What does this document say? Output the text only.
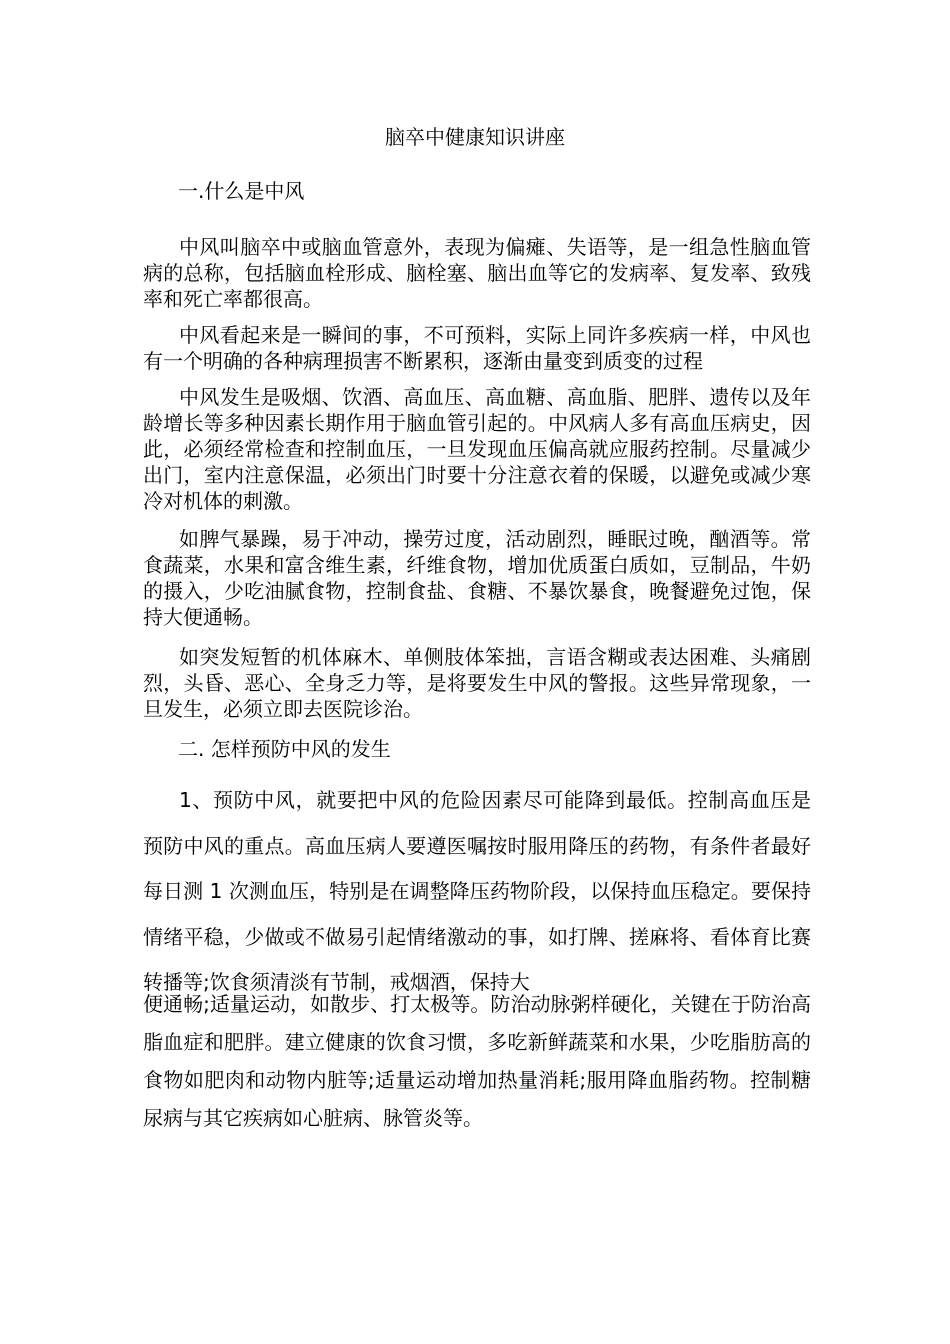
脑卒中健康知识讲座
一.什么是中风

中风叫脑卒中或脑血管意外，表现为偏瘫、失语等，是一组急性脑血管病的总称，包括脑血栓形成、脑栓塞、脑出血等它的发病率、复发率、致残率和死亡率都很高。

中风看起来是一瞬间的事，不可预料，实际上同许多疾病一样，中风也有一个明确的各种病理损害不断累积，逐渐由量变到质变的过程

中风发生是吸烟、饮酒、高血压、高血糖、高血脂、肥胖、遗传以及年龄增长等多种因素长期作用于脑血管引起的。中风病人多有高血压病史，因此，必须经常检查和控制血压，一旦发现血压偏高就应服药控制。尽量减少出门，室内注意保温，必须出门时要十分注意衣着的保暖，以避免或减少寒冷对机体的刺激。

如脾气暴躁，易于冲动，操劳过度，活动剧烈，睡眠过晚，酗酒等。常食蔬菜，水果和富含维生素，纤维食物，增加优质蛋白质如，豆制品，牛奶的摄入，少吃油腻食物，控制食盐、食糖、不暴饮暴食，晚餐避免过饱，保持大便通畅。

如突发短暂的机体麻木、单侧肢体笨拙，言语含糊或表达困难、头痛剧烈，头昏、恶心、全身乏力等，是将要发生中风的警报。这些异常现象，一旦发生，必须立即去医院诊治。

二. 怎样预防中风的发生

1、预防中风，就要把中风的危险因素尽可能降到最低。控制高血压是预防中风的重点。高血压病人要遵医嘱按时服用降压的药物，有条件者最好每日测 1 次测血压，特别是在调整降压药物阶段，以保持血压稳定。要保持情绪平稳，少做或不做易引起情绪激动的事，如打牌、搓麻将、看体育比赛转播等;饮食须清淡有节制，戒烟酒，保持大

便通畅;适量运动，如散步、打太极等。防治动脉粥样硬化，关键在于防治高脂血症和肥胖。建立健康的饮食习惯，多吃新鲜蔬菜和水果，少吃脂肪高的食物如肥肉和动物内脏等;适量运动增加热量消耗;服用降血脂药物。控制糖尿病与其它疾病如心脏病、脉管炎等。
